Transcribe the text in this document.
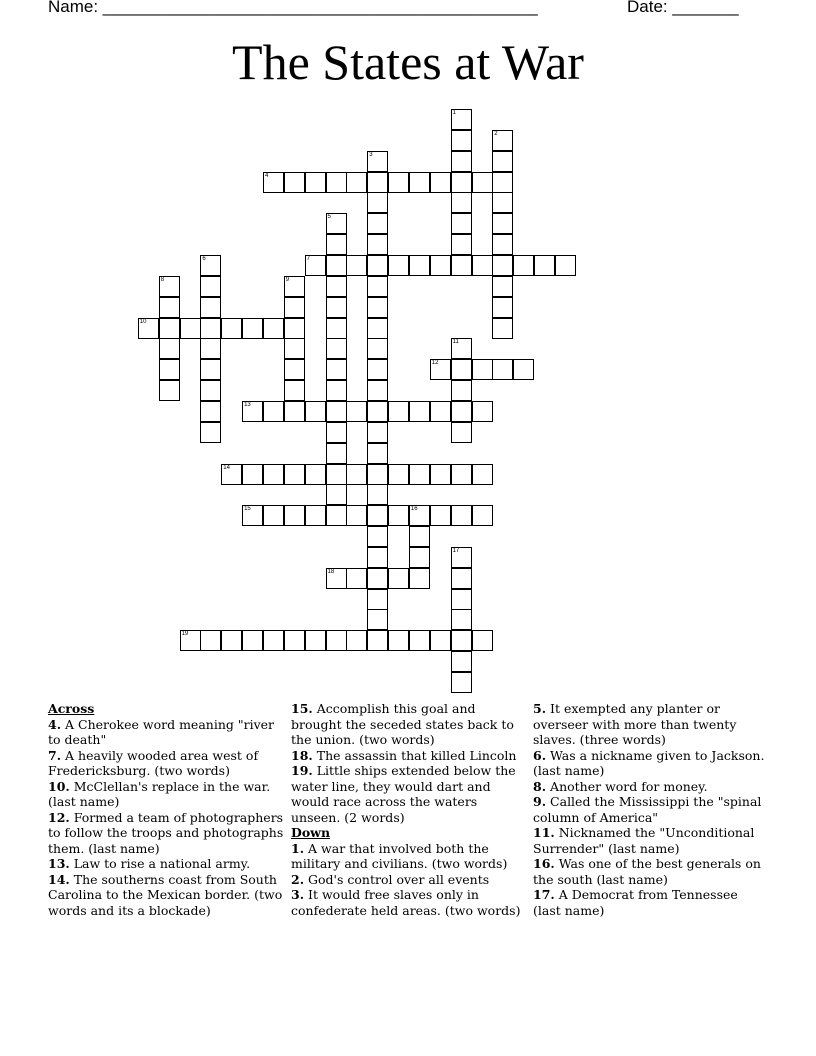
Name: ______________________________________________	Date: _______
The States at War
1
2
3
4
5
6	7
8	9
10
11
12
13
14
15	16
17
18
19
Across

4. A Cherokee word meaning "river to death"

7. A heavily wooded area west of Fredericksburg. (two words)

10. McClellan's replace in the war. (last name)

12. Formed a team of photographers to follow the troops and photographs them. (last name)

13. Law to rise a national army.

14. The southerns coast from South Carolina to the Mexican border. (two words and its a blockade)

15. Accomplish this goal and brought the seceded states back to the union. (two words)

18. The assassin that killed Lincoln

19. Little ships extended below the water line, they would dart and would race across the waters unseen. (2 words)

Down

1. A war that involved both the military and civilians. (two words)

2. God's control over all events

3. It would free slaves only in confederate held areas. (two words)

5. It exempted any planter or overseer with more than twenty slaves. (three words)

6. Was a nickname given to Jackson. (last name)

8. Another word for money.

9. Called the Mississippi the "spinal column of America"

11. Nicknamed the "Unconditional Surrender" (last name)

16. Was one of the best generals on the south (last name)

17. A Democrat from Tennessee (last name)
